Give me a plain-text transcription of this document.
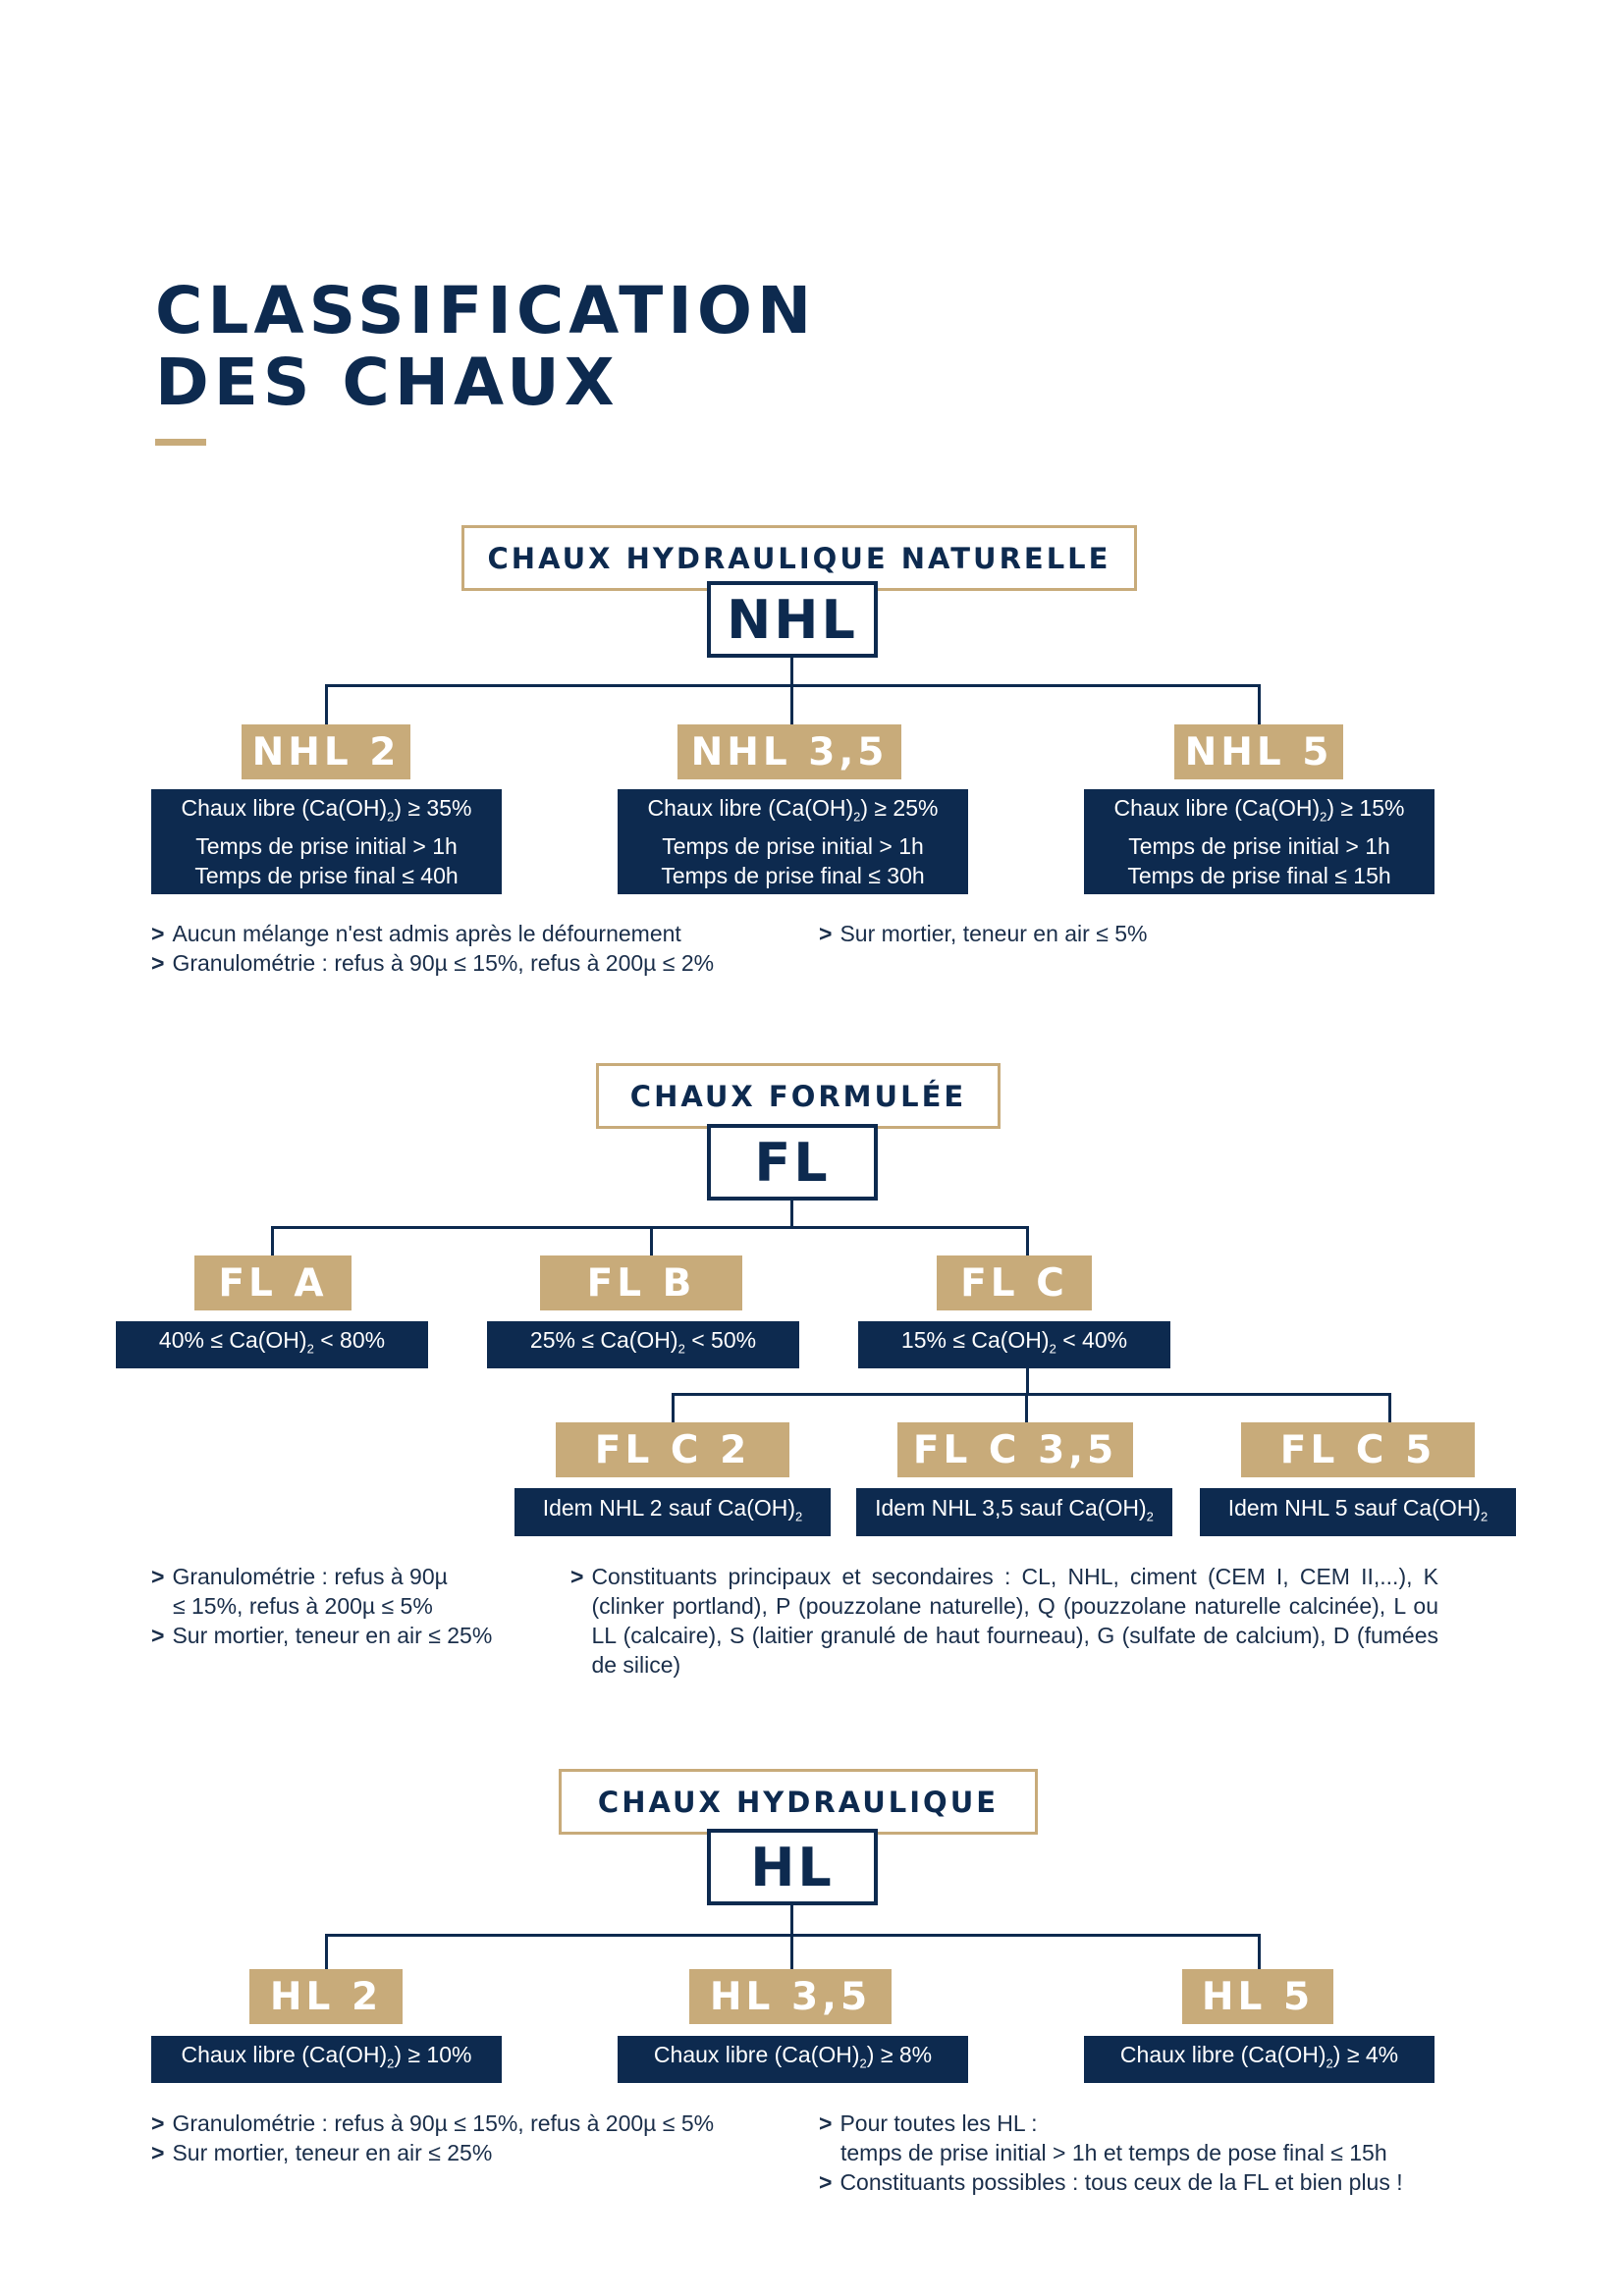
CLASSIFICATION
DES CHAUX
CHAUX HYDRAULIQUE NATURELLE
NHL
NHL 2	NHL 3,5	NHL 5
Chaux libre $(Ca(OH)_2) \ge 35\%$
Temps de prise initial > 1h
Temps de prise final ≤ 40h
Chaux libre $(Ca(OH)_2) \ge 25\%$
Temps de prise initial > 1h
Temps de prise final ≤ 30h
Chaux libre $(Ca(OH)_2) \ge 15\%$
Temps de prise initial > 1h
Temps de prise final ≤ 15h

> Aucun mélange n'est admis après le défournement

> Granulométrie : refus à 90µ ≤ 15%, refus à 200µ ≤ 2%

> Sur mortier, teneur en air ≤ 5%

CHAUX FORMULÉE
FL
FL A	FL B	FL C
$40\% \le Ca(OH)_2 < 80\%$	$25\% \le Ca(OH)_2 < 50\%$	$15\% \le Ca(OH)_2 < 40\%$
FL C 2	FL C 3,5	FL C 5
Idem NHL 2 sauf $Ca(OH)_2$	Idem NHL 3,5 sauf $Ca(OH)_2$	Idem NHL 5 sauf $Ca(OH)_2$

> Granulométrie : refus à 90µ

≤ 15%, refus à 200µ ≤ 5%

> Sur mortier, teneur en air ≤ 25%

> Constituants principaux et secondaires : CL, NHL, ciment (CEM I, CEM II,...), K (clinker portland), P (pouzzolane naturelle), Q (pouzzolane naturelle calcinée), L ou LL (calcaire), S (laitier granulé de haut fourneau), G (sulfate de calcium), D (fumées de silice)
CHAUX HYDRAULIQUE
HL
HL 2	HL 3,5	HL 5
Chaux libre $(Ca(OH)_2) \ge 10\%$	Chaux libre $(Ca(OH)_2) \ge 8\%$	Chaux libre $(Ca(OH)_2) \ge 4\%$

> Granulométrie : refus à 90µ ≤ 15%, refus à 200µ ≤ 5%

> Sur mortier, teneur en air ≤ 25%

> Pour toutes les HL :

temps de prise initial > 1h et temps de pose final ≤ 15h

> Constituants possibles : tous ceux de la FL et bien plus !
